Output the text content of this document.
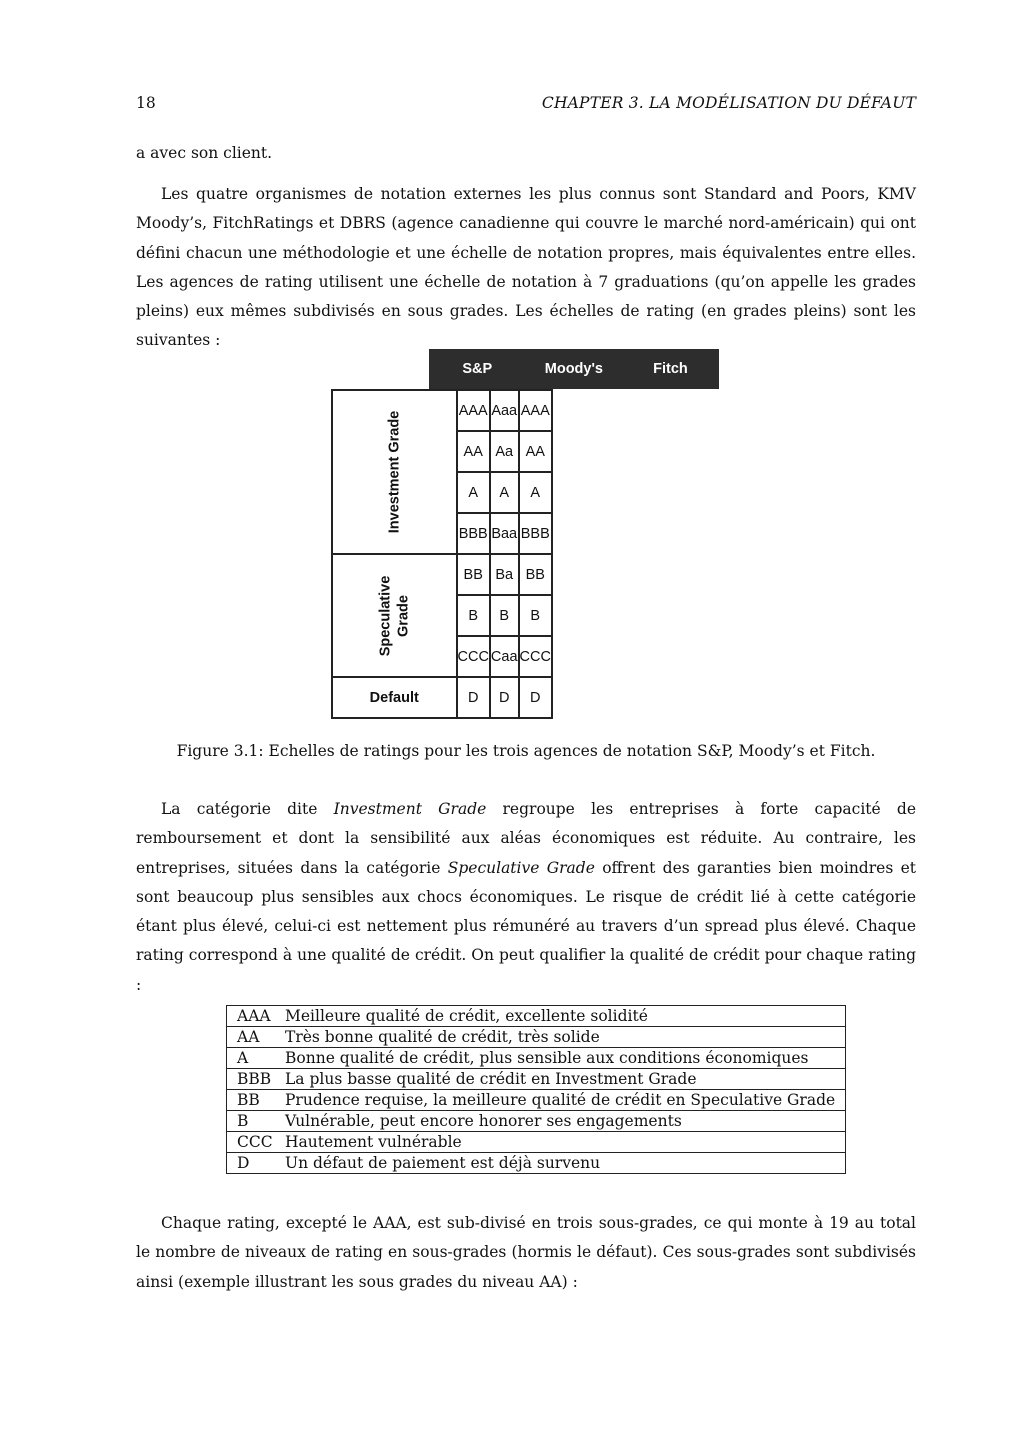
18	CHAPTER 3. LA MODÉLISATION DU DÉFAUT

a avec son client.

Les quatre organismes de notation externes les plus connus sont Standard and Poors, KMV Moody’s, FitchRatings et DBRS (agence canadienne qui couvre le marché nord-américain) qui ont défini chacun une méthodologie et une échelle de notation propres, mais équivalentes entre elles. Les agences de rating utilisent une échelle de notation à 7 graduations (qu’on appelle les grades pleins) eux mêmes subdivisés en sous grades. Les échelles de rating (en grades pleins) sont les suivantes :

S&P	Moody's	Fitch
Investment Grade	AAA	Aaa	AAA
	AA	Aa	AA
	A	A	A
	BBB	Baa	BBB
Speculative Grade	BB	Ba	BB
	B	B	B
	CCC	Caa	CCC
Default	D	D	D
Figure 3.1: Echelles de ratings pour les trois agences de notation S&P, Moody’s et Fitch.

La catégorie dite Investment Grade regroupe les entreprises à forte capacité de remboursement et dont la sensibilité aux aléas économiques est réduite. Au contraire, les entreprises, situées dans la catégorie Speculative Grade offrent des garanties bien moindres et sont beaucoup plus sensibles aux chocs économiques. Le risque de crédit lié à cette catégorie étant plus élevé, celui-ci est nettement plus rémunéré au travers d’un spread plus élevé. Chaque rating correspond à une qualité de crédit. On peut qualifier la qualité de crédit pour chaque rating :

AAA	Meilleure qualité de crédit, excellente solidité
AA	Très bonne qualité de crédit, très solide
A	Bonne qualité de crédit, plus sensible aux conditions économiques
BBB	La plus basse qualité de crédit en Investment Grade
BB	Prudence requise, la meilleure qualité de crédit en Speculative Grade
B	Vulnérable, peut encore honorer ses engagements
CCC	Hautement vulnérable
D	Un défaut de paiement est déjà survenu

Chaque rating, excepté le AAA, est sub-divisé en trois sous-grades, ce qui monte à 19 au total le nombre de niveaux de rating en sous-grades (hormis le défaut). Ces sous-grades sont subdivisés ainsi (exemple illustrant les sous grades du niveau AA) :
